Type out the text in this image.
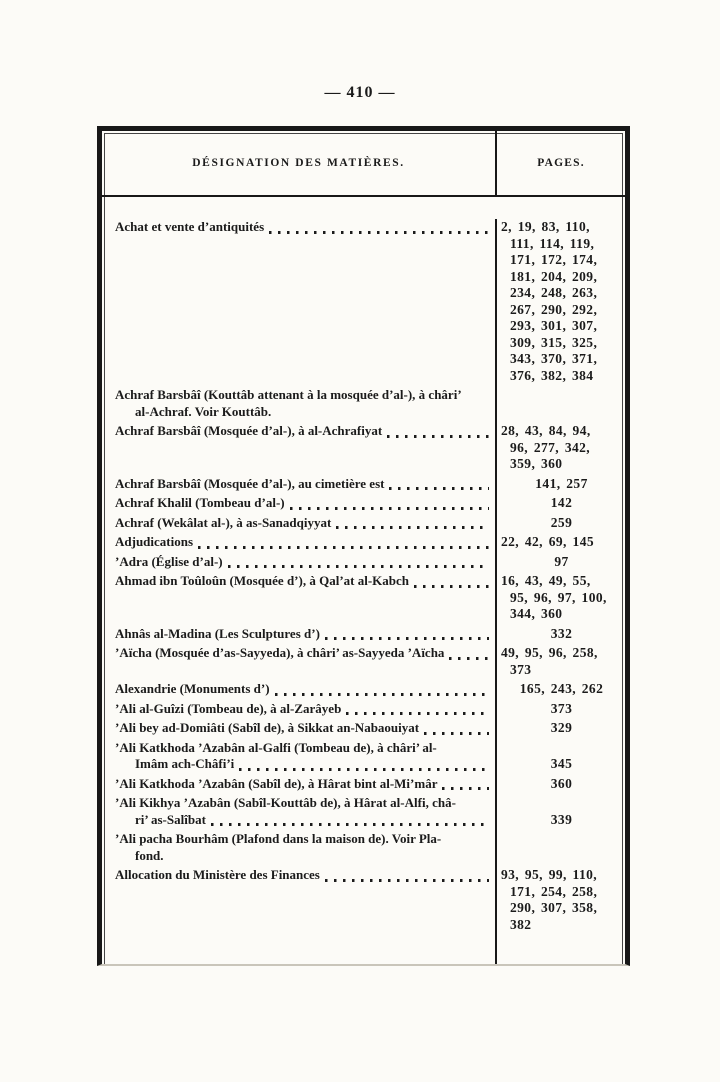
— 410 —
DÉSIGNATION DES MATIÈRES.	PAGES.
Achat et vente d’antiquités	2, 19, 83, 110,
111, 114, 119,
171, 172, 174,
181, 204, 209,
234, 248, 263,
267, 290, 292,
293, 301, 307,
309, 315, 325,
343, 370, 371,
376, 382, 384
Achraf Barsbâî (Kouttâb attenant à la mosquée d’al-), à châri’
al-Achraf. Voir Kouttâb.
Achraf Barsbâî (Mosquée d’al-), à al-Achrafiyat	28, 43, 84, 94,
96, 277, 342,
359, 360
Achraf Barsbâî (Mosquée d’al-), au cimetière est	141, 257
Achraf Khalil (Tombeau d’al-)	142
Achraf (Wekâlat al-), à as-Sanadqiyyat	259
Adjudications	22, 42, 69, 145
’Adra (Église d’al-)	97
Ahmad ibn Toûloûn (Mosquée d’), à Qal’at al-Kabch	16, 43, 49, 55,
95, 96, 97, 100,
344, 360
Ahnâs al-Madina (Les Sculptures d’)	332
’Aïcha (Mosquée d’as-Sayyeda), à châri’ as-Sayyeda ’Aïcha	49, 95, 96, 258,
373
Alexandrie (Monuments d’)	165, 243, 262
’Ali al-Guîzi (Tombeau de), à al-Zarâyeb	373
’Ali bey ad-Domiâti (Sabîl de), à Sikkat an-Nabaouiyat	329
’Ali Katkhoda ’Azabân al-Galfi (Tombeau de), à châri’ al-
Imâm ach-Châfi’i	345
’Ali Katkhoda ’Azabân (Sabîl de), à Hârat bint al-Mi’mâr	360
’Ali Kikhya ’Azabân (Sabîl-Kouttâb de), à Hârat al-Alfi, châ-
ri’ as-Salîbat	339
’Ali pacha Bourhâm (Plafond dans la maison de). Voir Pla-
fond.
Allocation du Ministère des Finances	93, 95, 99, 110,
171, 254, 258,
290, 307, 358,
382
